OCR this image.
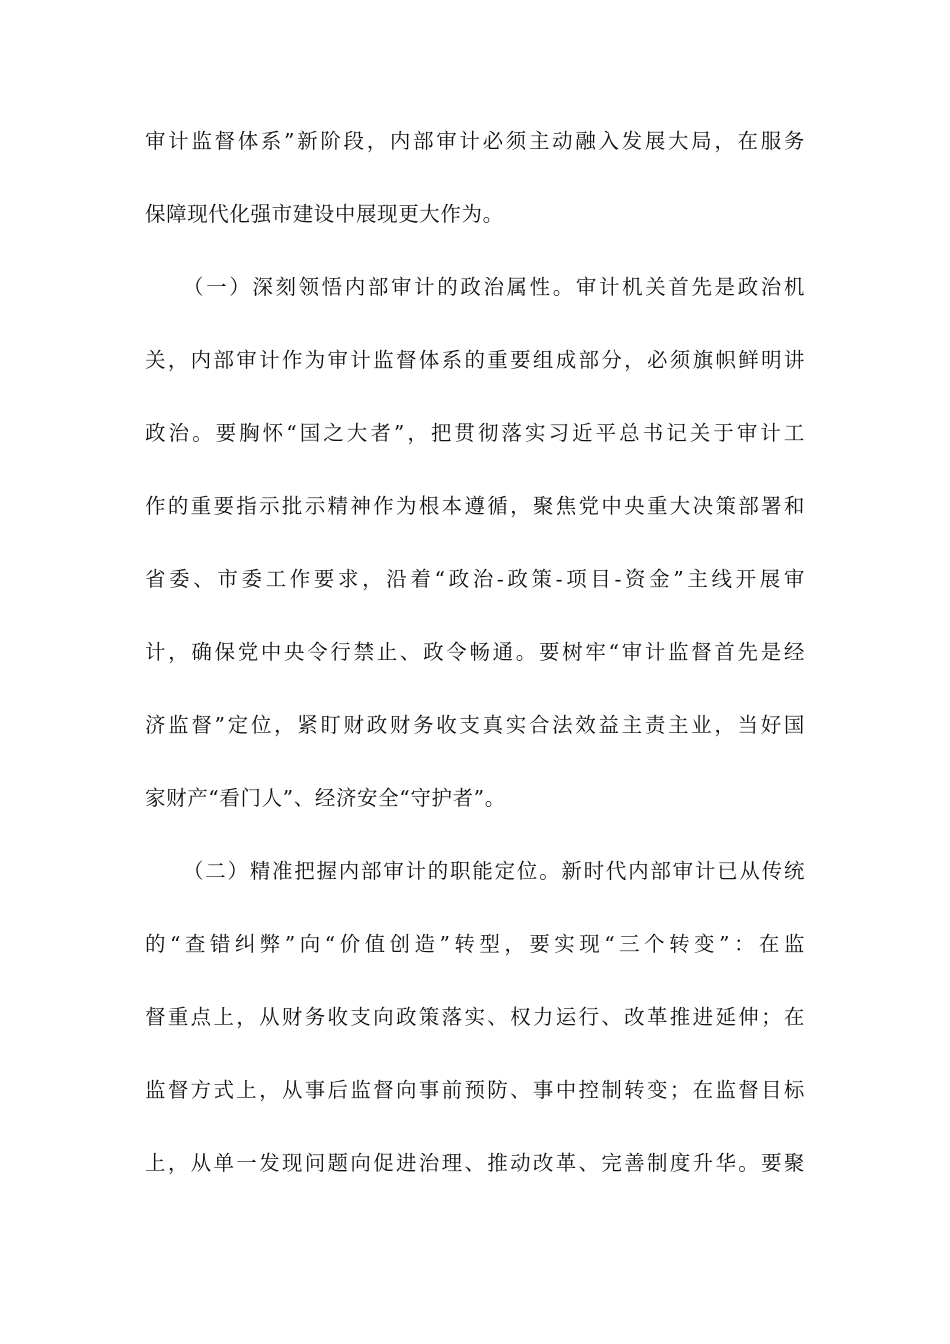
审计监督体系”新阶段，内部审计必须主动融入发展大局，在服务
保障现代化强市建设中展现更大作为。
（一）深刻领悟内部审计的政治属性。审计机关首先是政治机
关，内部审计作为审计监督体系的重要组成部分，必须旗帜鲜明讲
政治。要胸怀“国之大者”，把贯彻落实习近平总书记关于审计工
作的重要指示批示精神作为根本遵循，聚焦党中央重大决策部署和
省委、市委工作要求，沿着“政治-政策-项目-资金”主线开展审
计，确保党中央令行禁止、政令畅通。要树牢“审计监督首先是经
济监督”定位，紧盯财政财务收支真实合法效益主责主业，当好国
家财产“看门人”、经济安全“守护者”。
（二）精准把握内部审计的职能定位。新时代内部审计已从传统
的“查错纠弊”向“价值创造”转型，要实现“三个转变”：在监
督重点上，从财务收支向政策落实、权力运行、改革推进延伸；在
监督方式上，从事后监督向事前预防、事中控制转变；在监督目标
上，从单一发现问题向促进治理、推动改革、完善制度升华。要聚
